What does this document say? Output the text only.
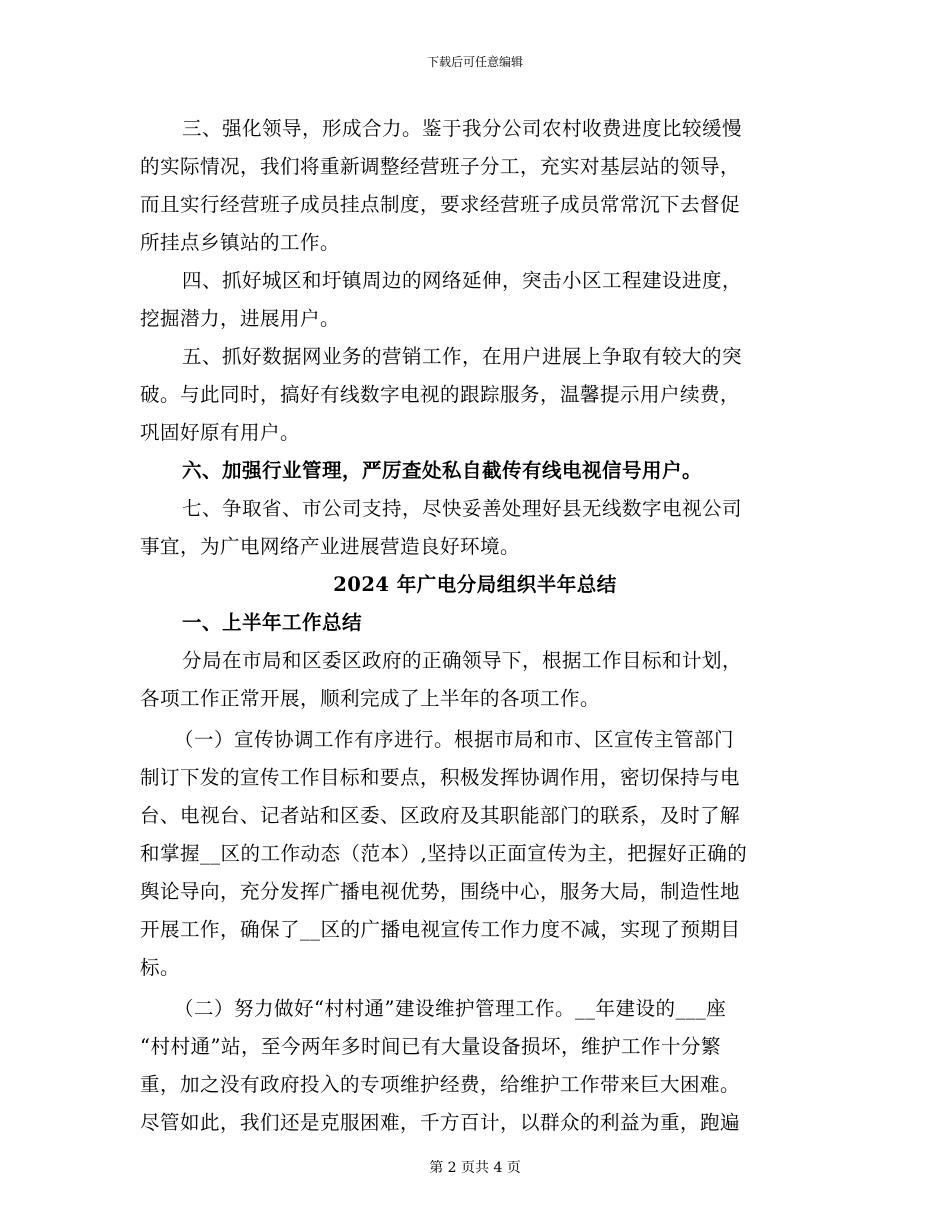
下载后可任意编辑
三、强化领导，形成合力。鉴于我分公司农村收费进度比较缓慢
的实际情况，我们将重新调整经营班子分工，充实对基层站的领导，
而且实行经营班子成员挂点制度，要求经营班子成员常常沉下去督促
所挂点乡镇站的工作。
四、抓好城区和圩镇周边的网络延伸，突击小区工程建设进度，
挖掘潜力，进展用户。
五、抓好数据网业务的营销工作，在用户进展上争取有较大的突
破。与此同时，搞好有线数字电视的跟踪服务，温馨提示用户续费，
巩固好原有用户。
六、加强行业管理，严厉查处私自截传有线电视信号用户。
七、争取省、市公司支持，尽快妥善处理好县无线数字电视公司
事宜，为广电网络产业进展营造良好环境。
2024 年广电分局组织半年总结
一、上半年工作总结
分局在市局和区委区政府的正确领导下，根据工作目标和计划，
各项工作正常开展，顺利完成了上半年的各项工作。
（一）宣传协调工作有序进行。根据市局和市、区宣传主管部门
制订下发的宣传工作目标和要点，积极发挥协调作用，密切保持与电
台、电视台、记者站和区委、区政府及其职能部门的联系，及时了解
和掌握__区的工作动态（范本）,坚持以正面宣传为主，把握好正确的
舆论导向，充分发挥广播电视优势，围绕中心，服务大局，制造性地
开展工作，确保了__区的广播电视宣传工作力度不减，实现了预期目
标。
（二）努力做好“村村通”建设维护管理工作。__年建设的___座
“村村通”站，至今两年多时间已有大量设备损坏，维护工作十分繁
重，加之没有政府投入的专项维护经费，给维护工作带来巨大困难。
尽管如此，我们还是克服困难，千方百计，以群众的利益为重，跑遍
第 2 页共 4 页
